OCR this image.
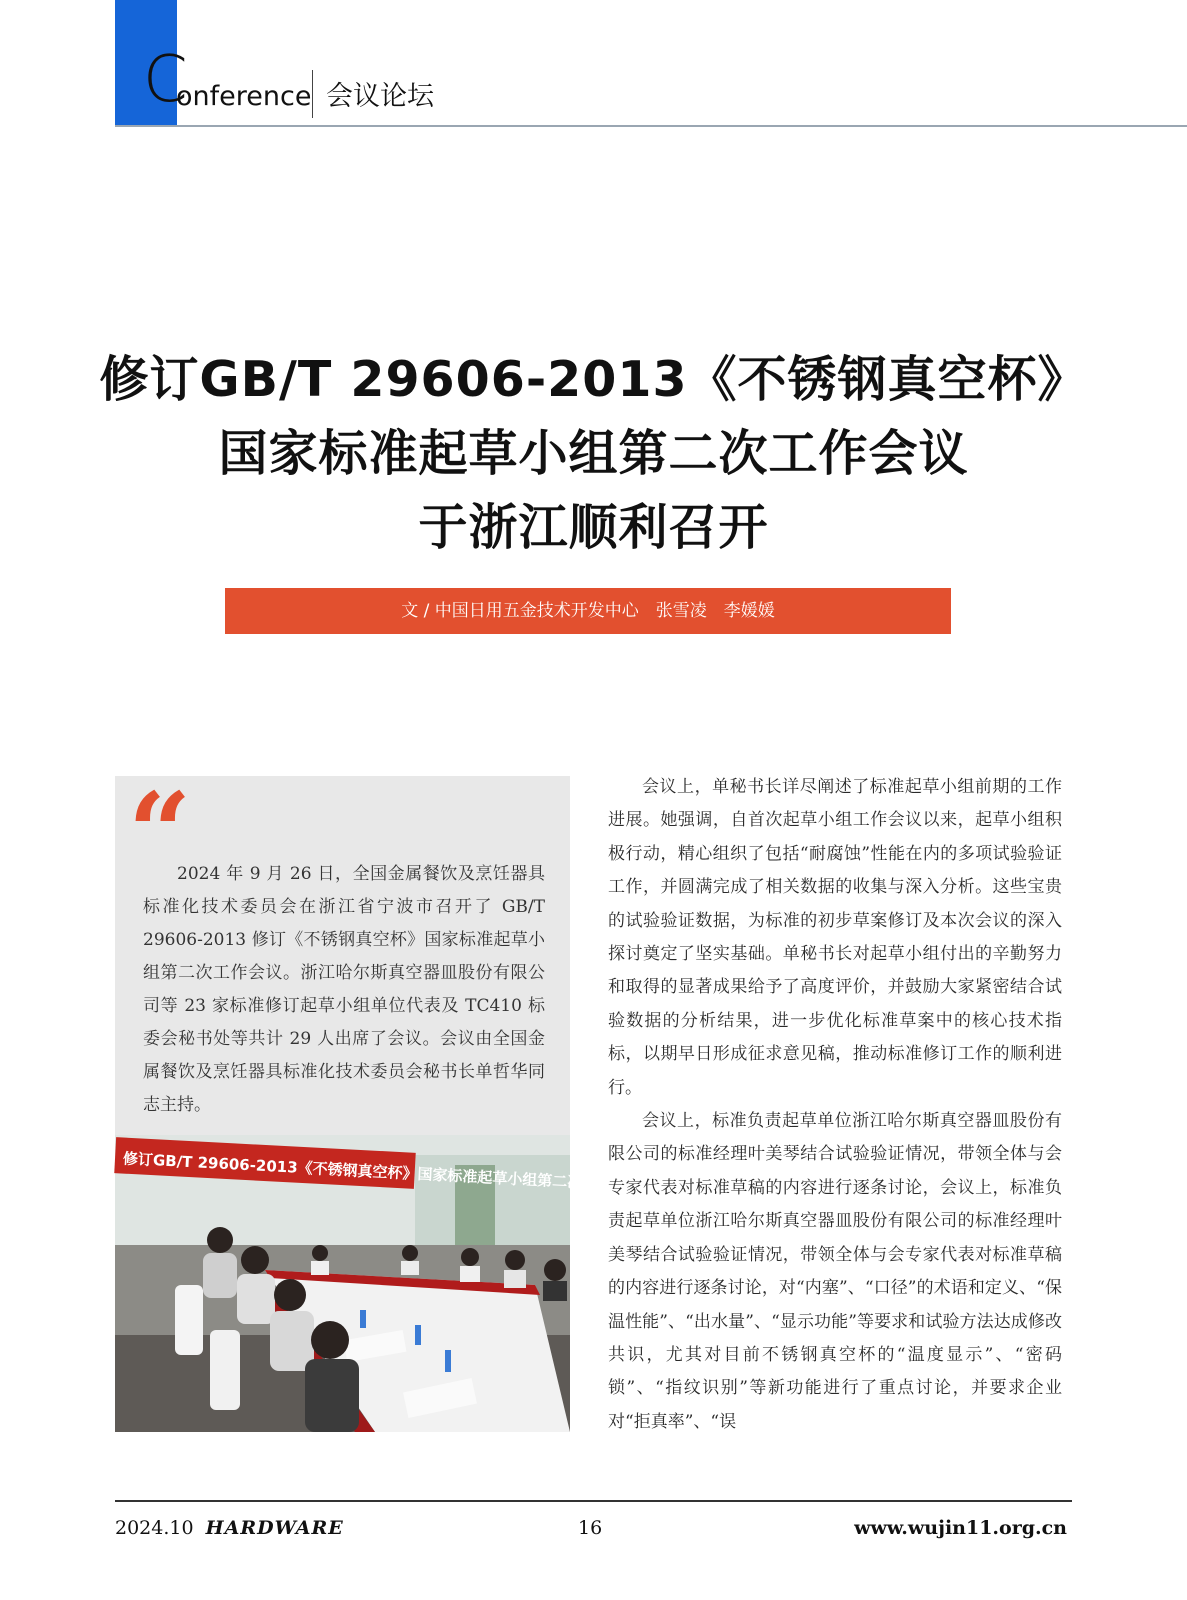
C
onference 会议论坛
修订GB/T 29606-2013《不锈钢真空杯》
国家标准起草小组第二次工作会议
于浙江顺利召开
文 / 中国日用五金技术开发中心　张雪凌　李媛媛
“
2024 年 9 月 26 日，全国金属餐饮及烹饪器具标准化技术委员会在浙江省宁波市召开了 GB/T 29606-2013 修订《不锈钢真空杯》国家标准起草小组第二次工作会议。浙江哈尔斯真空器皿股份有限公司等 23 家标准修订起草小组单位代表及 TC410 标委会秘书处等共计 29 人出席了会议。会议由全国金属餐饮及烹饪器具标准化技术委员会秘书长单哲华同志主持。
修订GB/T 29606-2013《不锈钢真空杯》国家标准起草小组第二次工作会议

会议上，单秘书长详尽阐述了标准起草小组前期的工作进展。她强调，自首次起草小组工作会议以来，起草小组积极行动，精心组织了包括“耐腐蚀”性能在内的多项试验验证工作，并圆满完成了相关数据的收集与深入分析。这些宝贵的试验验证数据，为标准的初步草案修订及本次会议的深入探讨奠定了坚实基础。单秘书长对起草小组付出的辛勤努力和取得的显著成果给予了高度评价，并鼓励大家紧密结合试验数据的分析结果，进一步优化标准草案中的核心技术指标，以期早日形成征求意见稿，推动标准修订工作的顺利进行。

会议上，标准负责起草单位浙江哈尔斯真空器皿股份有限公司的标准经理叶美琴结合试验验证情况，带领全体与会专家代表对标准草稿的内容进行逐条讨论，会议上，标准负责起草单位浙江哈尔斯真空器皿股份有限公司的标准经理叶美琴结合试验验证情况，带领全体与会专家代表对标准草稿的内容进行逐条讨论，对“内塞”、“口径”的术语和定义、“保温性能”、“出水量”、“显示功能”等要求和试验方法达成修改共识，尤其对目前不锈钢真空杯的“温度显示”、“密码锁”、“指纹识别”等新功能进行了重点讨论，并要求企业对“拒真率”、“误

2024.10 HARDWARE	16	www.wujin11.org.cn
